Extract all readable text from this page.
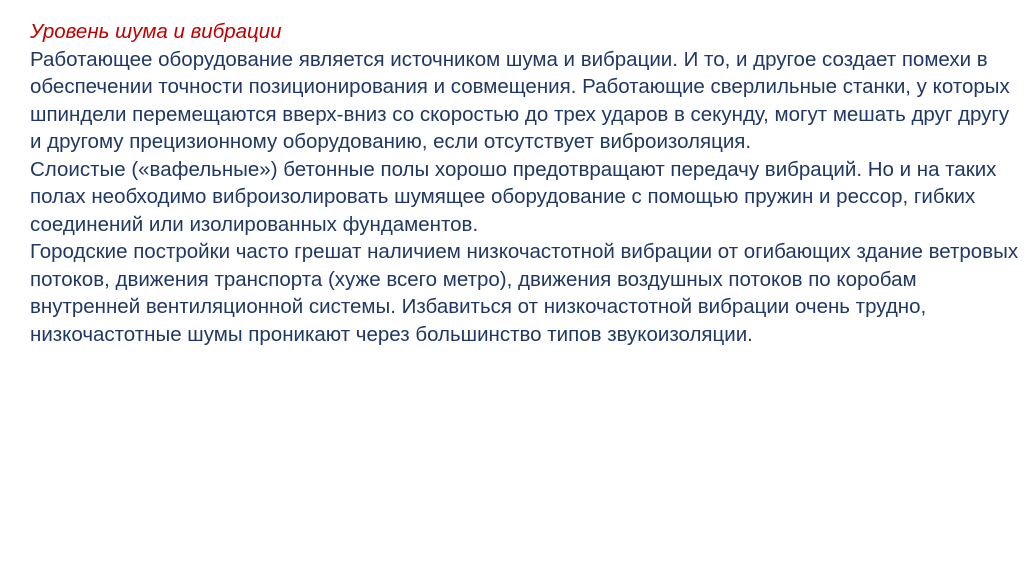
Уровень шума и вибрации

Работающее оборудование является источником шума и вибрации. И то, и другое создает помехи в обеспечении точности позиционирования и совмещения. Работающие сверлильные станки, у которых шпиндели перемещаются вверх-вниз со скоростью до трех ударов в секунду, могут мешать друг другу и другому прецизионному оборудованию, если отсутствует виброизоляция.

Слоистые («вафельные») бетонные полы хорошо предотвращают передачу вибраций. Но и на таких полах необходимо виброизолировать шумящее оборудование с помощью пружин и рессор, гибких соединений или изолированных фундаментов.

Городские постройки часто грешат наличием низкочастотной вибрации от огибающих здание ветровых потоков, движения транспорта (хуже всего метро), движения воздушных потоков по коробам внутренней вентиляционной системы. Избавиться от низкочастотной вибрации очень трудно, низкочастотные шумы проникают через большинство типов звукоизоляции.
